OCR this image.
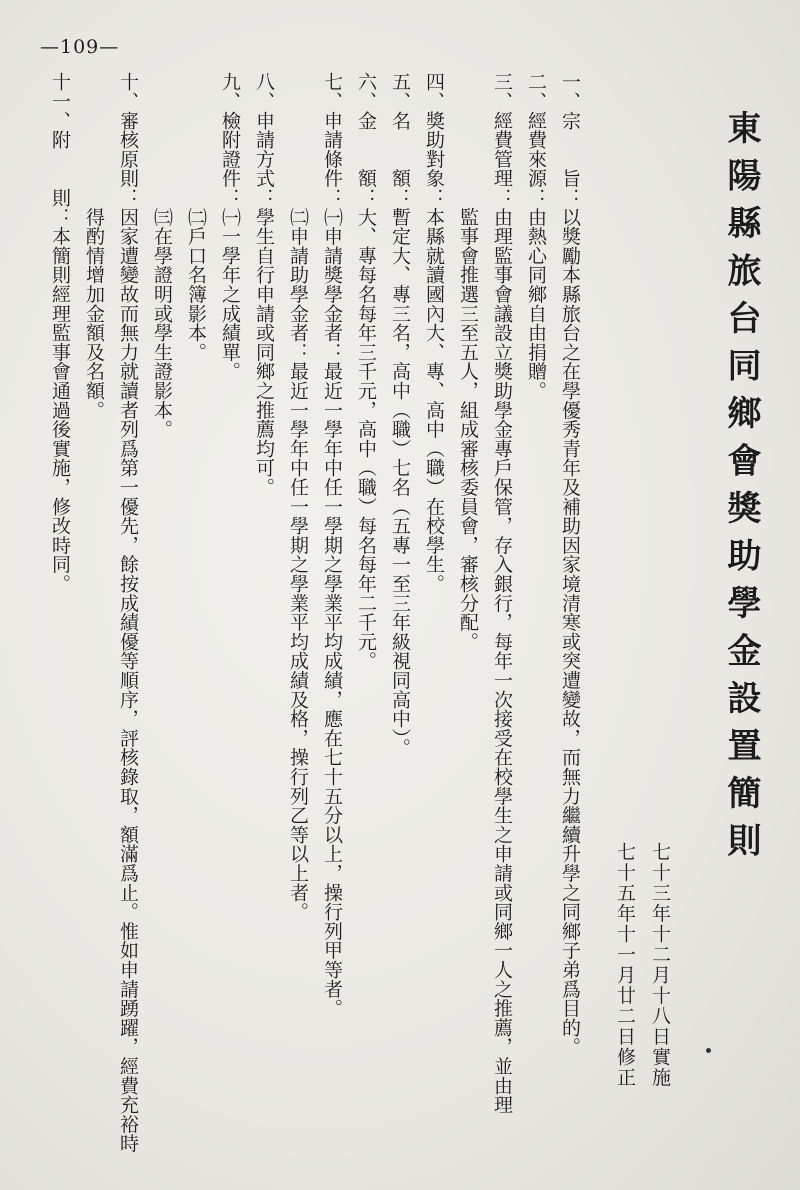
—109—
東陽縣旅台同鄉會獎助學金設置簡則
七十三年十二月十八日實施
七十五年十一月廿二日修正
一、宗　　旨：以獎勵本縣旅台之在學優秀青年及補助因家境清寒或突遭變故，而無力繼續升學之同鄉子弟爲目的。
二、經費來源：由熱心同鄉自由捐贈。
三、經費管理：由理監事會議設立獎助學金專戶保管，存入銀行，每年一次接受在校學生之申請或同鄉一人之推薦，並由理
　　　　　　　監事會推選三至五人，組成審核委員會，審核分配。
四、獎助對象：本縣就讀國內大、專、高中（職）在校學生。
五、名　　額：暫定大、專三名，高中（職）七名（五專一至三年級視同高中）。
六、金　　額：大、專每名每年三千元，高中（職）每名每年二千元。
七、申請條件：㈠申請獎學金者：最近一學年中任一學期之學業平均成績，應在七十五分以上，操行列甲等者。
　　　　　　　㈡申請助學金者：最近一學年中任一學期之學業平均成績及格，操行列乙等以上者。
八、申請方式：學生自行申請或同鄉之推薦均可。
九、檢附證件：㈠一學年之成績單。
　　　　　　　㈡戶口名簿影本。
　　　　　　　㈢在學證明或學生證影本。
十、審核原則：因家遭變故而無力就讀者列爲第一優先，餘按成績優等順序，評核錄取，額滿爲止。惟如申請踴躍，經費充裕時
　　　　　　　得酌情增加金額及名額。
十一、附　　則：本簡則經理監事會通過後實施，修改時同。
